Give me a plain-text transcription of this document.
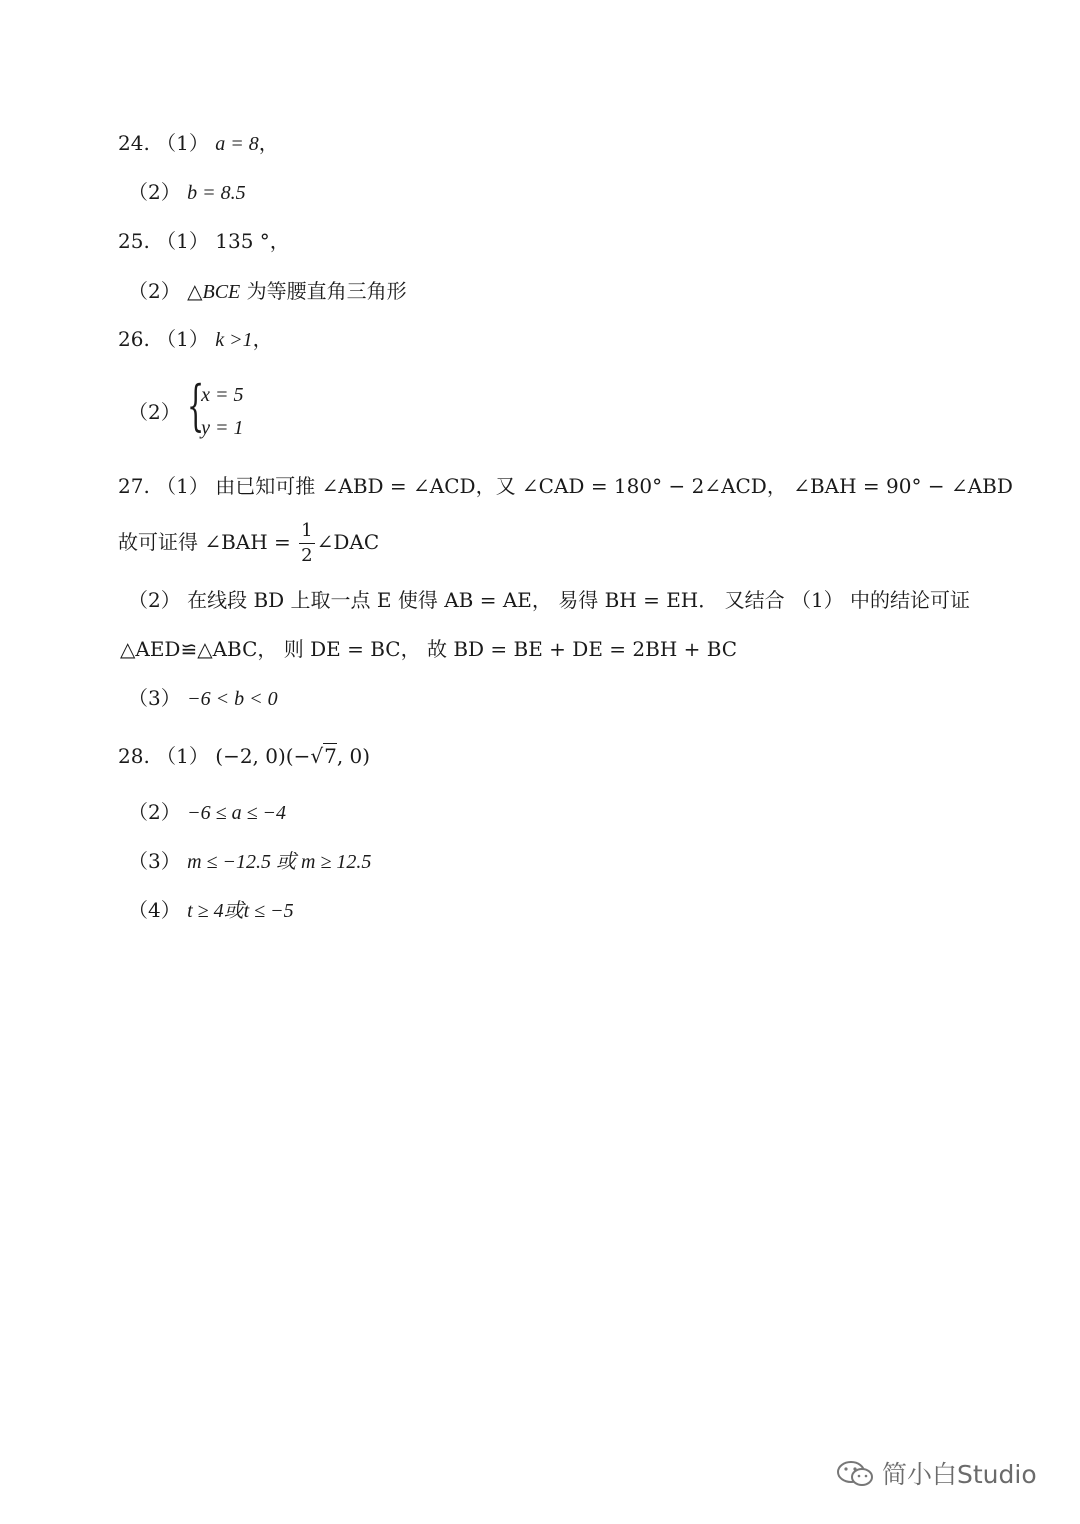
24. （1） a = 8，
（2） b = 8.5
25. （1） 135 °，
（2） △BCE 为等腰直角三角形
26. （1） k >1，
（2） {
x = 5
y = 1
27. （1） 由已知可推 ∠ABD = ∠ACD，又 ∠CAD = 180° − 2∠ACD， ∠BAH = 90° − ∠ABD
故可证得 ∠BAH = $\frac{1}{2}$ ∠DAC
（2） 在线段 BD 上取一点 E 使得 AB = AE， 易得 BH = EH． 又结合 （1） 中的结论可证
△AED≌△ABC， 则 DE = BC， 故 BD = BE + DE = 2BH + BC
（3） −6 < b < 0
28. （1） (−2, 0)(−√7, 0)
（2） −6 ≤ a ≤ −4
（3） m ≤ −12.5 或 m ≥ 12.5
（4） t ≥ 4或t ≤ −5
简小白Studio
